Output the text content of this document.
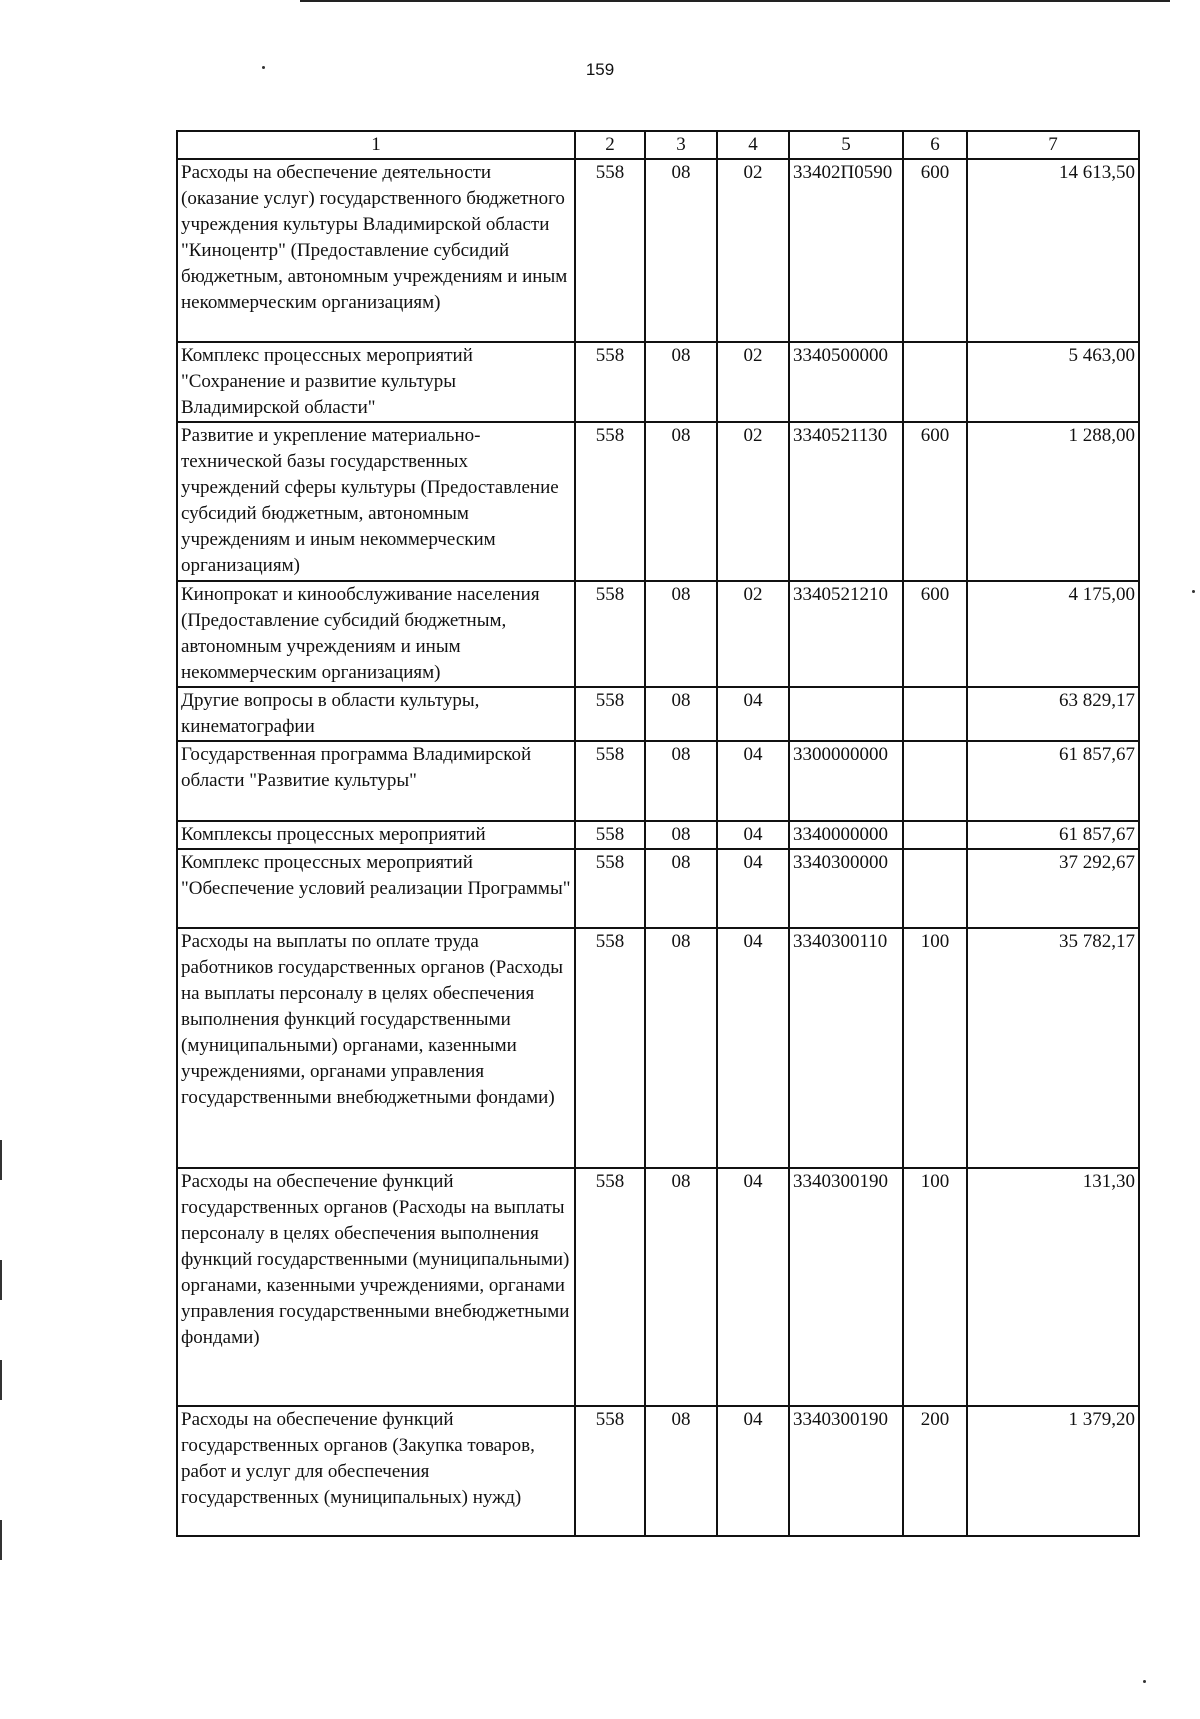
159
1	2	3	4	5	6	7
Расходы на обеспечение деятельности (оказание услуг) государственного бюджетного учреждения культуры Владимирской области "Киноцентр" (Предоставление субсидий бюджетным, автономным учреждениям и иным некоммерческим организациям)	558	08	02	33402П0590	600	14 613,50
Комплекс процессных мероприятий "Сохранение и развитие культуры Владимирской области"	558	08	02	3340500000		5 463,00
Развитие и укрепление материально-технической базы государственных учреждений сферы культуры (Предоставление субсидий бюджетным, автономным учреждениям и иным некоммерческим организациям)	558	08	02	3340521130	600	1 288,00
Кинопрокат и кинообслуживание населения (Предоставление субсидий бюджетным, автономным учреждениям и иным некоммерческим организациям)	558	08	02	3340521210	600	4 175,00
Другие вопросы в области культуры, кинематографии	558	08	04			63 829,17
Государственная программа Владимирской области "Развитие культуры"	558	08	04	3300000000		61 857,67
Комплексы процессных мероприятий	558	08	04	3340000000		61 857,67
Комплекс процессных мероприятий "Обеспечение условий реализации Программы"	558	08	04	3340300000		37 292,67
Расходы на выплаты по оплате труда работников государственных органов (Расходы на выплаты персоналу в целях обеспечения выполнения функций государственными (муниципальными) органами, казенными учреждениями, органами управления государственными внебюджетными фондами)	558	08	04	3340300110	100	35 782,17
Расходы на обеспечение функций государственных органов (Расходы на выплаты персоналу в целях обеспечения выполнения функций государственными (муниципальными) органами, казенными учреждениями, органами управления государственными внебюджетными фондами)	558	08	04	3340300190	100	131,30
Расходы на обеспечение функций государственных органов (Закупка товаров, работ и услуг для обеспечения государственных (муниципальных) нужд)	558	08	04	3340300190	200	1 379,20
